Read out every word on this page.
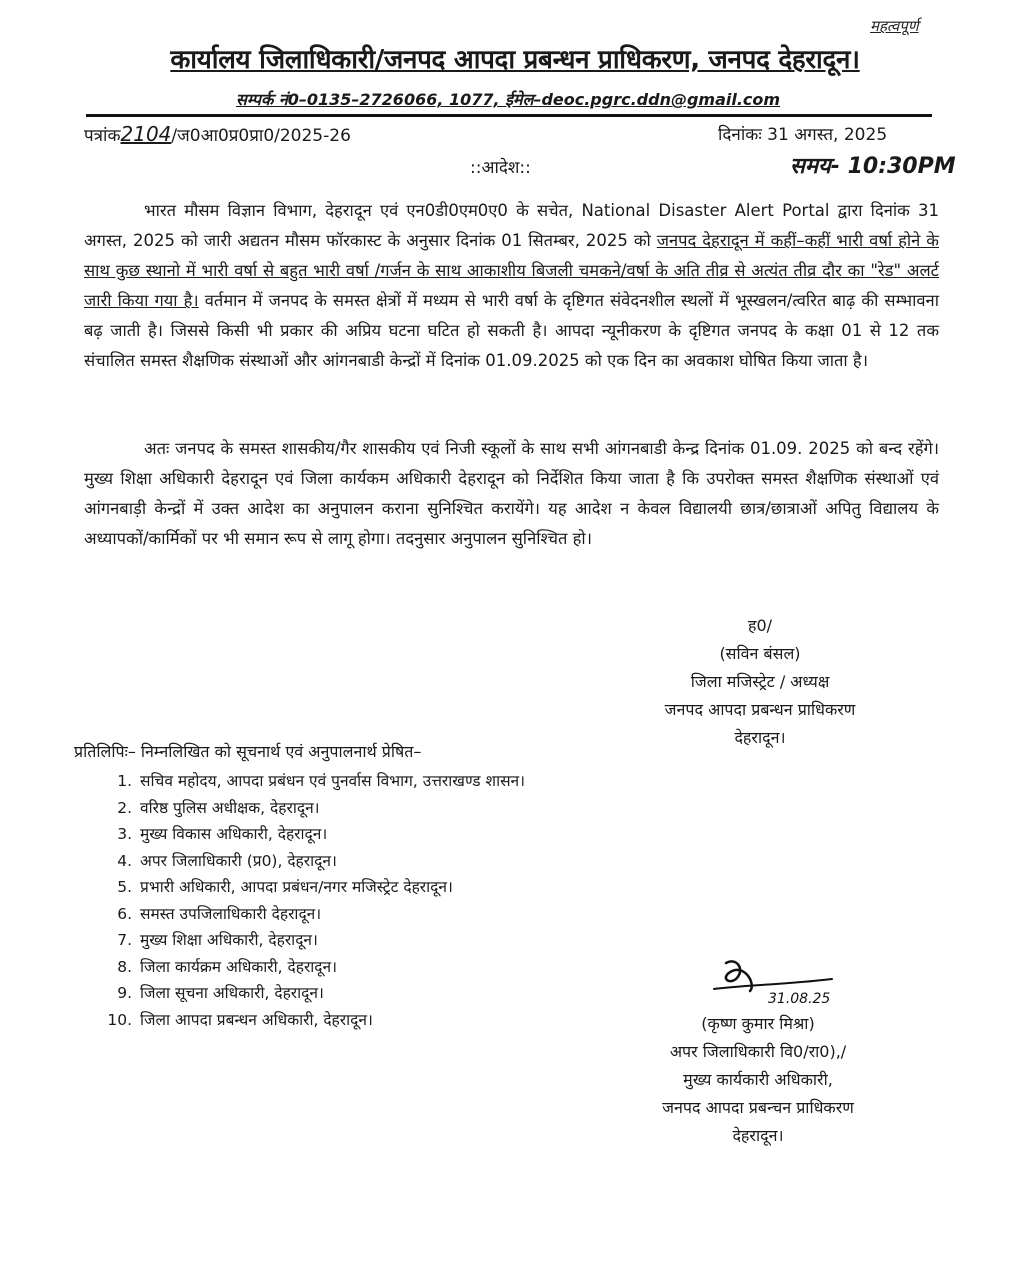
महत्वपूर्ण
कार्यालय जिलाधिकारी/जनपद आपदा प्रबन्धन प्राधिकरण, जनपद देहरादून।
सम्पर्क नं0–0135–2726066, 1077, ईमेल–deoc.pgrc.ddn@gmail.com
पत्रांक2104/ज0आ0प्र0प्रा0/2025-26	दिनांकः 31 अगस्त, 2025
::आदेश::	समय- 10:30PM

भारत मौसम विज्ञान विभाग, देहरादून एवं एन0डी0एम0ए0 के सचेत, National Disaster Alert Portal द्वारा दिनांक 31 अगस्त, 2025 को जारी अद्यतन मौसम फॉरकास्ट के अनुसार दिनांक 01 सितम्बर, 2025 को जनपद देहरादून में कहीं–कहीं भारी वर्षा होने के साथ कुछ स्थानो में भारी वर्षा से बहुत भारी वर्षा /गर्जन के साथ आकाशीय बिजली चमकने/वर्षा के अति तीव्र से अत्यंत तीव्र दौर का "रेड" अलर्ट जारी किया गया है। वर्तमान में जनपद के समस्त क्षेत्रों में मध्यम से भारी वर्षा के दृष्टिगत संवेदनशील स्थलों में भूस्खलन/त्वरित बाढ़ की सम्भावना बढ़ जाती है। जिससे किसी भी प्रकार की अप्रिय घटना घटित हो सकती है। आपदा न्यूनीकरण के दृष्टिगत जनपद के कक्षा 01 से 12 तक संचालित समस्त शैक्षणिक संस्थाओं और आंगनबाडी केन्द्रों में दिनांक 01.09.2025 को एक दिन का अवकाश घोषित किया जाता है।

अतः जनपद के समस्त शासकीय/गैर शासकीय एवं निजी स्कूलों के साथ सभी आंगनबाडी केन्द्र दिनांक 01.09. 2025 को बन्द रहेंगे। मुख्य शिक्षा अधिकारी देहरादून एवं जिला कार्यकम अधिकारी देहरादून को निर्देशित किया जाता है कि उपरोक्त समस्त शैक्षणिक संस्थाओं एवं आंगनबाड़ी केन्द्रों में उक्त आदेश का अनुपालन कराना सुनिश्चित करायेंगे। यह आदेश न केवल विद्यालयी छात्र/छात्राओं अपितु विद्यालय के अध्यापकों/कार्मिकों पर भी समान रूप से लागू होगा। तदनुसार अनुपालन सुनिश्चित हो।

ह0/
(सविन बंसल)
जिला मजिस्ट्रेट / अध्यक्ष
जनपद आपदा प्रबन्धन प्राधिकरण
देहरादून।
प्रतिलिपिः– निम्नलिखित को सूचनार्थ एवं अनुपालनार्थ प्रेषित–
1. सचिव महोदय, आपदा प्रबंधन एवं पुनर्वास विभाग, उत्तराखण्ड शासन।
2. वरिष्ठ पुलिस अधीक्षक, देहरादून।
3. मुख्य विकास अधिकारी, देहरादून।
4. अपर जिलाधिकारी (प्र0), देहरादून।
5. प्रभारी अधिकारी, आपदा प्रबंधन/नगर मजिस्ट्रेट देहरादून।
6. समस्त उपजिलाधिकारी देहरादून।
7. मुख्य शिक्षा अधिकारी, देहरादून।
8. जिला कार्यक्रम अधिकारी, देहरादून।
9. जिला सूचना अधिकारी, देहरादून।
10. जिला आपदा प्रबन्धन अधिकारी, देहरादून।
31.08.25
(कृष्ण कुमार मिश्रा)
अपर जिलाधिकारी वि0/रा0),/
मुख्य कार्यकारी अधिकारी,
जनपद आपदा प्रबन्चन प्राधिकरण
देहरादून।
